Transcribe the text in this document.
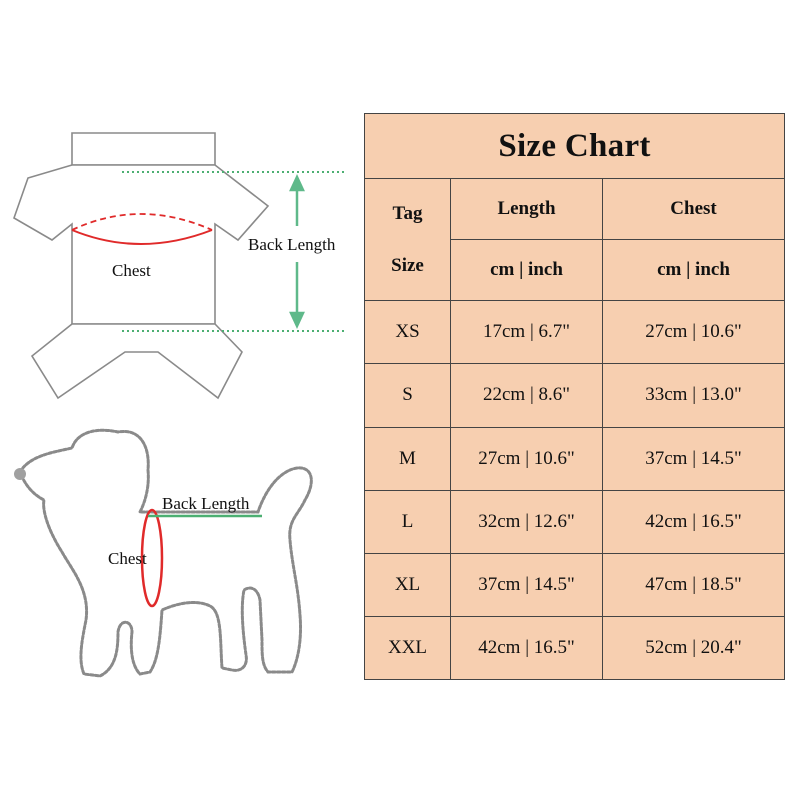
Chest
Back Length
Back Length
Chest
Size Chart		

Tag
Size	Length	Chest
	cm | inch	cm | inch
XS	17cm | 6.7"	27cm | 10.6"
S	22cm | 8.6"	33cm | 13.0"
M	27cm | 10.6"	37cm | 14.5"
L	32cm | 12.6"	42cm | 16.5"
XL	37cm | 14.5"	47cm | 18.5"
XXL	42cm | 16.5"	52cm | 20.4"
